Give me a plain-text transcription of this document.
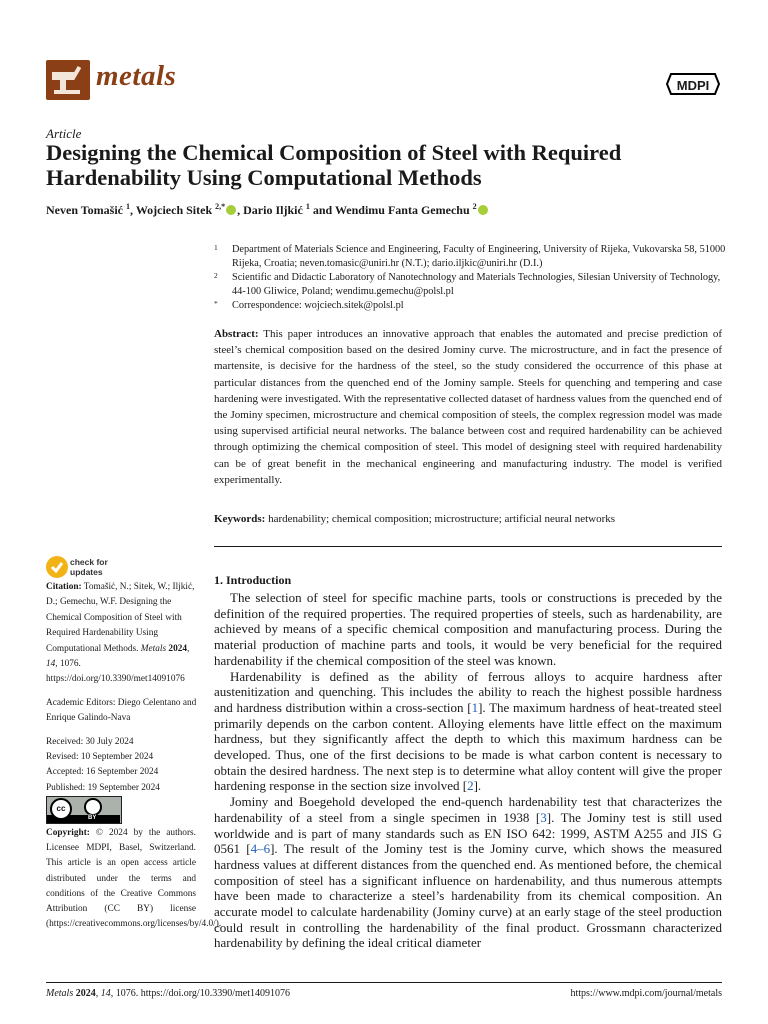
metals	MDPI
Article
Designing the Chemical Composition of Steel with Required Hardenability Using Computational Methods
Neven Tomašić $^1$, Wojciech Sitek $^{2,*}$ , Dario Iljkić $^1$ and Wendimu Fanta Gemechu $^2$
1 Department of Materials Science and Engineering, Faculty of Engineering, University of Rijeka, Vukovarska 58, 51000 Rijeka, Croatia; neven.tomasic@uniri.hr (N.T.); dario.iljkic@uniri.hr (D.I.)
2 Scientific and Didactic Laboratory of Nanotechnology and Materials Technologies, Silesian University of Technology, 44-100 Gliwice, Poland; wendimu.gemechu@polsl.pl
* Correspondence: wojciech.sitek@polsl.pl
Abstract: This paper introduces an innovative approach that enables the automated and precise prediction of steel’s chemical composition based on the desired Jominy curve. The microstructure, and in fact the presence of martensite, is decisive for the hardness of the steel, so the study considered the occurrence of this phase at particular distances from the quenched end of the Jominy sample. Steels for quenching and tempering and case hardening were investigated. With the representative collected dataset of hardness values from the quenched end of the Jominy specimen, microstructure and chemical composition of steels, the complex regression model was made using supervised artificial neural networks. The balance between cost and required hardenability can be achieved through optimizing the chemical composition of steel. This model of designing steel with required hardenability can be of great benefit in the mechanical engineering and manufacturing industry. The model is verified experimentally.
Keywords: hardenability; chemical composition; microstructure; artificial neural networks
check for
updates

Citation: Tomašić, N.; Sitek, W.; Iljkić, D.; Gemechu, W.F. Designing the Chemical Composition of Steel with Required Hardenability Using Computational Methods. Metals 2024, 14, 1076. https://doi.org/10.3390/met14091076

Academic Editors: Diego Celentano and Enrique Galindo-Nava

Received: 30 July 2024

Revised: 10 September 2024

Accepted: 16 September 2024

Published: 19 September 2024

cc
BY
Copyright: © 2024 by the authors. Licensee MDPI, Basel, Switzerland. This article is an open access article distributed under the terms and conditions of the Creative Commons Attribution (CC BY) license (https://creativecommons.org/licenses/by/4.0/).
1. Introduction

The selection of steel for specific machine parts, tools or constructions is preceded by the definition of the required properties. The required properties of steels, such as hardenability, are achieved by means of a specific chemical composition and manufacturing process. During the material production of machine parts and tools, it would be very beneficial for the required hardenability if the chemical composition of the steel was known.

Hardenability is defined as the ability of ferrous alloys to acquire hardness after austenitization and quenching. This includes the ability to reach the highest possible hardness and hardness distribution within a cross-section [1]. The maximum hardness of heat-treated steel primarily depends on the carbon content. Alloying elements have little effect on the maximum hardness, but they significantly affect the depth to which this maximum hardness can be developed. Thus, one of the first decisions to be made is what carbon content is necessary to obtain the desired hardness. The next step is to determine what alloy content will give the proper hardening response in the section size involved [2].

Jominy and Boegehold developed the end-quench hardenability test that characterizes the hardenability of a steel from a single specimen in 1938 [3]. The Jominy test is still used worldwide and is part of many standards such as EN ISO 642: 1999, ASTM A255 and JIS G 0561 [4–6]. The result of the Jominy test is the Jominy curve, which shows the measured hardness values at different distances from the quenched end. As mentioned before, the chemical composition of steel has a significant influence on hardenability, and thus numerous attempts have been made to characterize a steel’s hardenability from its chemical composition. An accurate model to calculate hardenability (Jominy curve) at an early stage of the steel production could result in controlling the hardenability of the final product. Grossmann characterized hardenability by defining the ideal critical diameter

Metals 2024, 14, 1076. https://doi.org/10.3390/met14091076	https://www.mdpi.com/journal/metals
